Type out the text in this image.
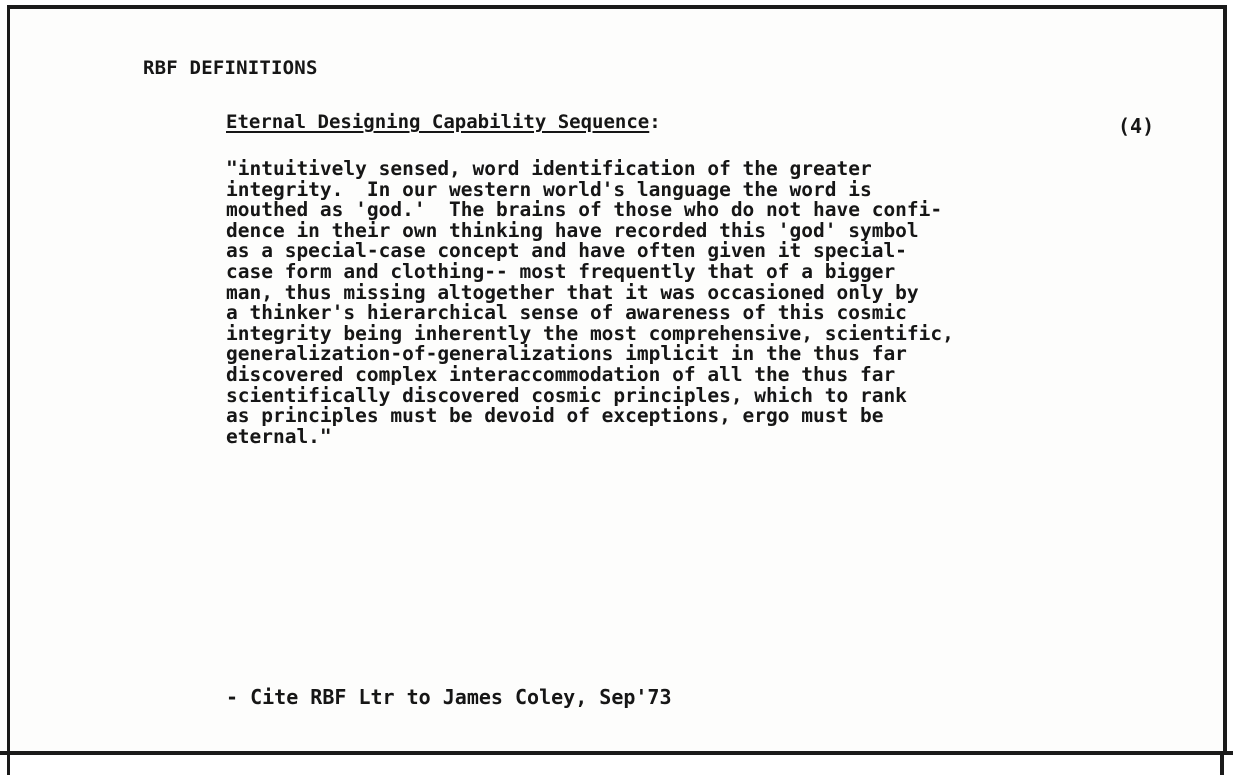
RBF DEFINITIONS
Eternal Designing Capability Sequence:	(4)
"intuitively sensed, word identification of the greater
integrity.  In our western world's language the word is
mouthed as 'god.'  The brains of those who do not have confi-
dence in their own thinking have recorded this 'god' symbol
as a special-case concept and have often given it special-
case form and clothing-- most frequently that of a bigger
man, thus missing altogether that it was occasioned only by
a thinker's hierarchical sense of awareness of this cosmic
integrity being inherently the most comprehensive, scientific,
generalization-of-generalizations implicit in the thus far
discovered complex interaccommodation of all the thus far
scientifically discovered cosmic principles, which to rank
as principles must be devoid of exceptions, ergo must be
eternal."
- Cite RBF Ltr to James Coley, Sep'73
